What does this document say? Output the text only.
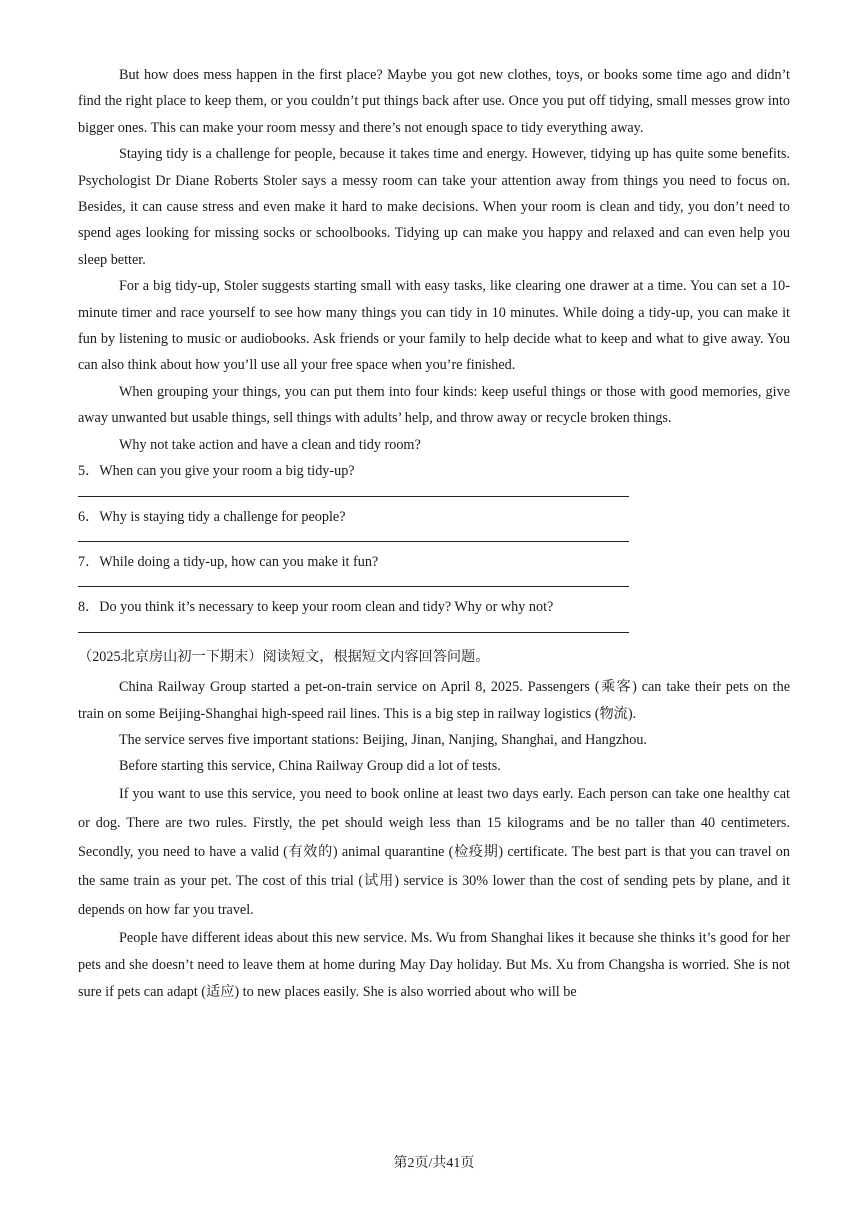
But how does mess happen in the first place? Maybe you got new clothes, toys, or books some time ago and didn’t find the right place to keep them, or you couldn’t put things back after use. Once you put off tidying, small messes grow into bigger ones. This can make your room messy and there’s not enough space to tidy everything away.

Staying tidy is a challenge for people, because it takes time and energy. However, tidying up has quite some benefits. Psychologist Dr Diane Roberts Stoler says a messy room can take your attention away from things you need to focus on. Besides, it can cause stress and even make it hard to make decisions. When your room is clean and tidy, you don’t need to spend ages looking for missing socks or schoolbooks. Tidying up can make you happy and relaxed and can even help you sleep better.

For a big tidy-up, Stoler suggests starting small with easy tasks, like clearing one drawer at a time. You can set a 10-minute timer and race yourself to see how many things you can tidy in 10 minutes. While doing a tidy-up, you can make it fun by listening to music or audiobooks. Ask friends or your family to help decide what to keep and what to give away. You can also think about how you’ll use all your free space when you’re finished.

When grouping your things, you can put them into four kinds: keep useful things or those with good memories, give away unwanted but usable things, sell things with adults’ help, and throw away or recycle broken things.

Why not take action and have a clean and tidy room?

5．When can you give your room a big tidy-up?
6．Why is staying tidy a challenge for people?
7．While doing a tidy-up, how can you make it fun?
8．Do you think it’s necessary to keep your room clean and tidy? Why or why not?

（2025北京房山初一下期末）阅读短文，根据短文内容回答问题。

China Railway Group started a pet-on-train service on April 8, 2025. Passengers (乘客) can take their pets on the train on some Beijing-Shanghai high-speed rail lines. This is a big step in railway logistics (物流).

The service serves five important stations: Beijing, Jinan, Nanjing, Shanghai, and Hangzhou.

Before starting this service, China Railway Group did a lot of tests.

If you want to use this service, you need to book online at least two days early. Each person can take one healthy cat or dog. There are two rules. Firstly, the pet should weigh less than 15 kilograms and be no taller than 40 centimeters. Secondly, you need to have a valid (有效的) animal quarantine (检疫期) certificate. The best part is that you can travel on the same train as your pet. The cost of this trial (试用) service is 30% lower than the cost of sending pets by plane, and it depends on how far you travel.

People have different ideas about this new service. Ms. Wu from Shanghai likes it because she thinks it’s good for her pets and she doesn’t need to leave them at home during May Day holiday. But Ms. Xu from Changsha is worried. She is not sure if pets can adapt (适应) to new places easily. She is also worried about who will be

第2页/共41页
